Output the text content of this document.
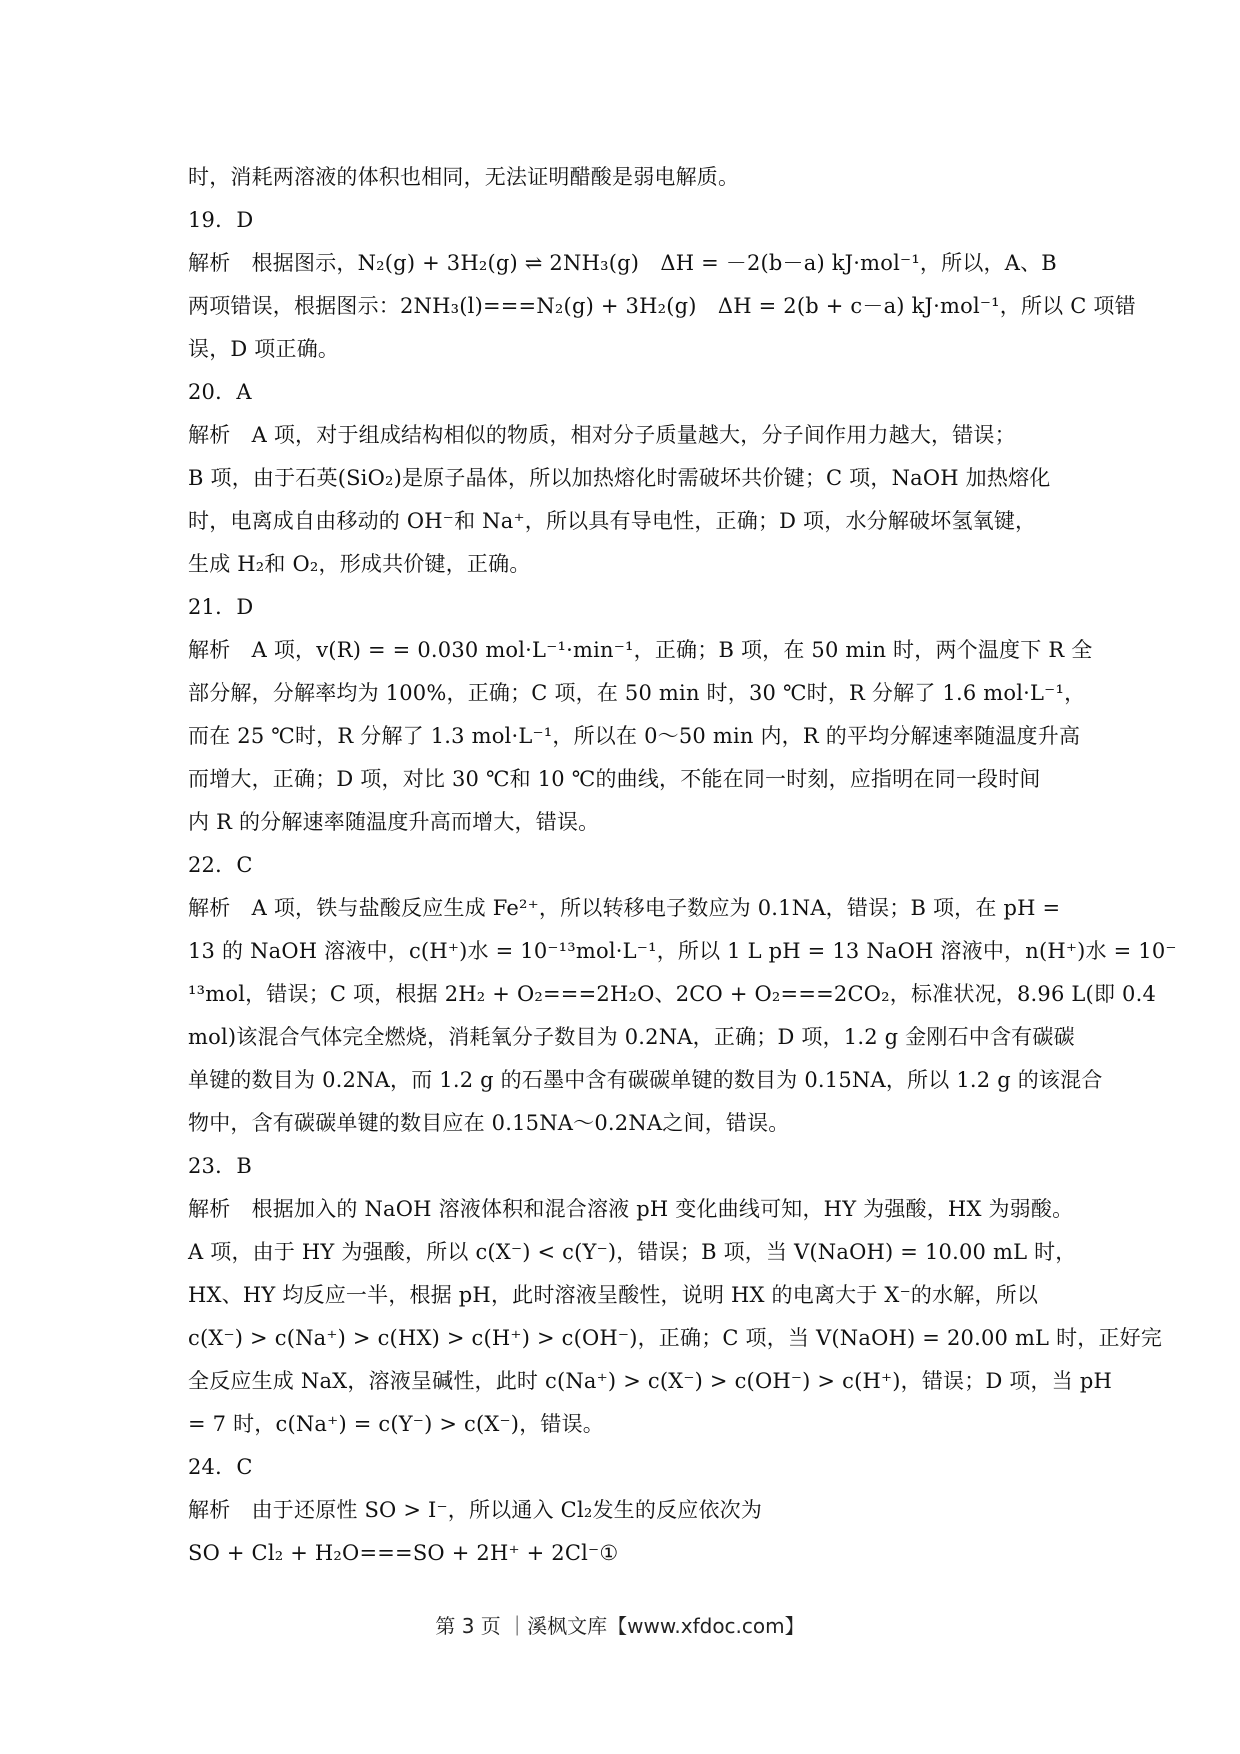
时，消耗两溶液的体积也相同，无法证明醋酸是弱电解质。
19．D
解析　根据图示，N₂(g) + 3H₂(g) ⇌ 2NH₃(g)　ΔH = －2(b－a) kJ·mol⁻¹，所以，A、B
两项错误，根据图示：2NH₃(l)===N₂(g) + 3H₂(g)　ΔH = 2(b + c－a) kJ·mol⁻¹，所以 C 项错
误，D 项正确。
20．A
解析　A 项，对于组成结构相似的物质，相对分子质量越大，分子间作用力越大，错误；
B 项，由于石英(SiO₂)是原子晶体，所以加热熔化时需破坏共价键；C 项，NaOH 加热熔化
时，电离成自由移动的 OH⁻和 Na⁺，所以具有导电性，正确；D 项，水分解破坏氢氧键，
生成 H₂和 O₂，形成共价键，正确。
21．D
解析　A 项，v(R) = = 0.030 mol·L⁻¹·min⁻¹，正确；B 项，在 50 min 时，两个温度下 R 全
部分解，分解率均为 100%，正确；C 项，在 50 min 时，30 ℃时，R 分解了 1.6 mol·L⁻¹，
而在 25 ℃时，R 分解了 1.3 mol·L⁻¹，所以在 0～50 min 内，R 的平均分解速率随温度升高
而增大，正确；D 项，对比 30 ℃和 10 ℃的曲线，不能在同一时刻，应指明在同一段时间
内 R 的分解速率随温度升高而增大，错误。
22．C
解析　A 项，铁与盐酸反应生成 Fe²⁺，所以转移电子数应为 0.1NA，错误；B 项，在 pH =
13 的 NaOH 溶液中，c(H⁺)水 = 10⁻¹³mol·L⁻¹，所以 1 L pH = 13 NaOH 溶液中，n(H⁺)水 = 10⁻
¹³mol，错误；C 项，根据 2H₂ + O₂===2H₂O、2CO + O₂===2CO₂，标准状况，8.96 L(即 0.4
mol)该混合气体完全燃烧，消耗氧分子数目为 0.2NA，正确；D 项，1.2 g 金刚石中含有碳碳
单键的数目为 0.2NA，而 1.2 g 的石墨中含有碳碳单键的数目为 0.15NA，所以 1.2 g 的该混合
物中，含有碳碳单键的数目应在 0.15NA～0.2NA之间，错误。
23．B
解析　根据加入的 NaOH 溶液体积和混合溶液 pH 变化曲线可知，HY 为强酸，HX 为弱酸。
A 项，由于 HY 为强酸，所以 c(X⁻) < c(Y⁻)，错误；B 项，当 V(NaOH) = 10.00 mL 时，
HX、HY 均反应一半，根据 pH，此时溶液呈酸性，说明 HX 的电离大于 X⁻的水解，所以
c(X⁻) > c(Na⁺) > c(HX) > c(H⁺) > c(OH⁻)，正确；C 项，当 V(NaOH) = 20.00 mL 时，正好完
全反应生成 NaX，溶液呈碱性，此时 c(Na⁺) > c(X⁻) > c(OH⁻) > c(H⁺)，错误；D 项，当 pH
= 7 时，c(Na⁺) = c(Y⁻) > c(X⁻)，错误。
24．C
解析　由于还原性 SO > I⁻，所以通入 Cl₂发生的反应依次为
SO + Cl₂ + H₂O===SO + 2H⁺ + 2Cl⁻①
第 3 页 ｜溪枫文库【www.xfdoc.com】
